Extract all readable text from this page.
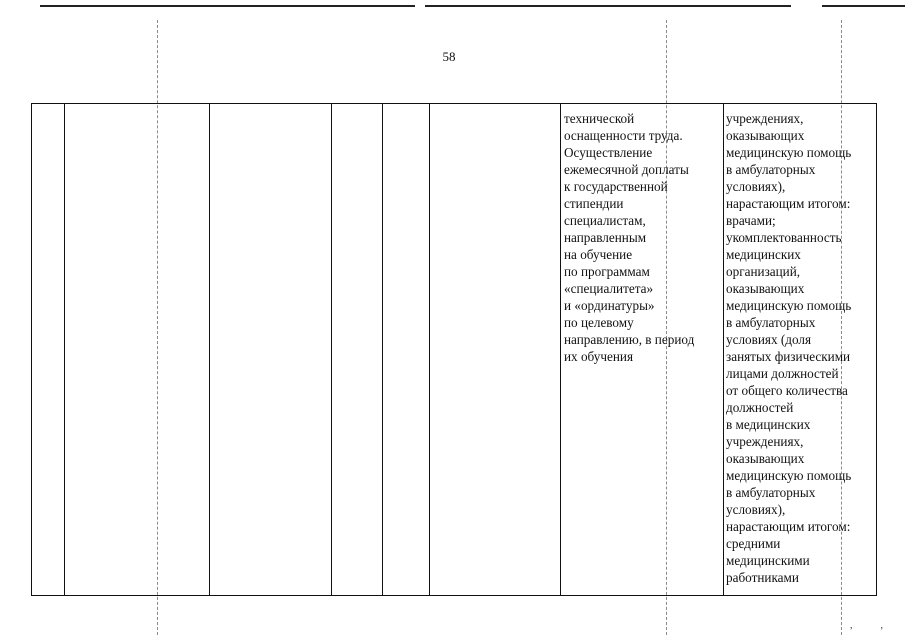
58
технической
оснащенности труда.
Осуществление
ежемесячной доплаты
к государственной
стипендии
специалистам,
направленным
на обучение
по программам
«специалитета»
и «ординатуры»
по целевому
направлению, в период
их обучения
учреждениях,
оказывающих
медицинскую помощь
в амбулаторных
условиях),
нарастающим итогом:
врачами;
укомплектованность
медицинских
организаций,
оказывающих
медицинскую помощь
в амбулаторных
условиях (доля
занятых физическими
лицами должностей
от общего количества
должностей
в медицинских
учреждениях,
оказывающих
медицинскую помощь
в амбулаторных
условиях),
нарастающим итогом:
средними
медицинскими
работниками
,	‚
